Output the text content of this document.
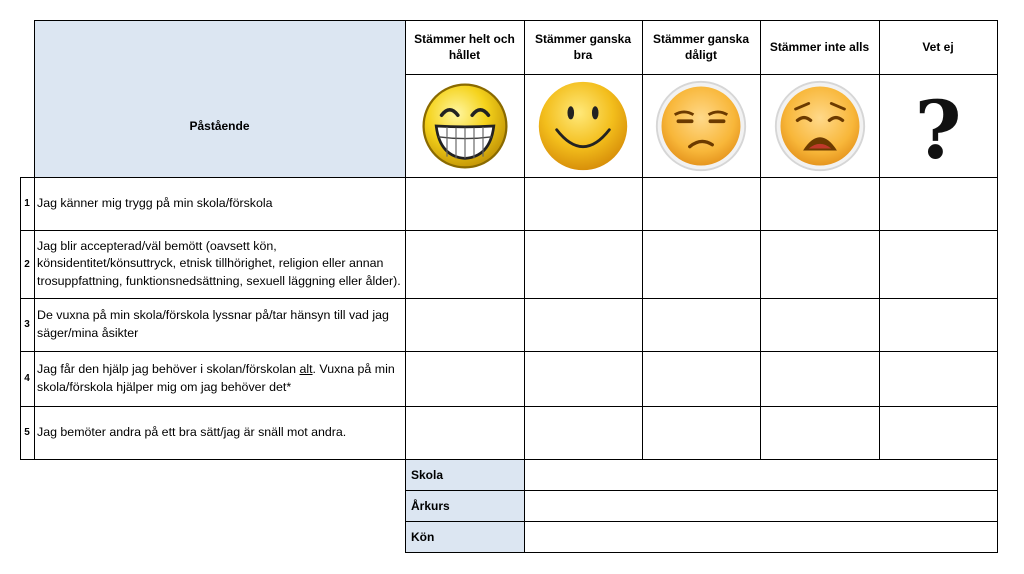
Stämmer helt och hållet
Stämmer ganska bra
Stämmer ganska dåligt
Stämmer inte alls	Vet ej
Påstående	?
1
2
3
4
5
Jag känner mig trygg på min skola/förskola
Jag blir accepterad/väl bemött (oavsett kön, könsidentitet/könsuttryck, etnisk tillhörighet, religion eller annan trosuppfattning, funktionsnedsättning, sexuell läggning eller ålder).
De vuxna på min skola/förskola lyssnar på/tar hänsyn till vad jag säger/mina åsikter
Jag får den hjälp jag behöver i skolan/förskolan alt. Vuxna på min skola/förskola hjälper mig om jag behöver det*
Jag bemöter andra på ett bra sätt/jag är snäll mot andra.
Skola
Årkurs
Kön
